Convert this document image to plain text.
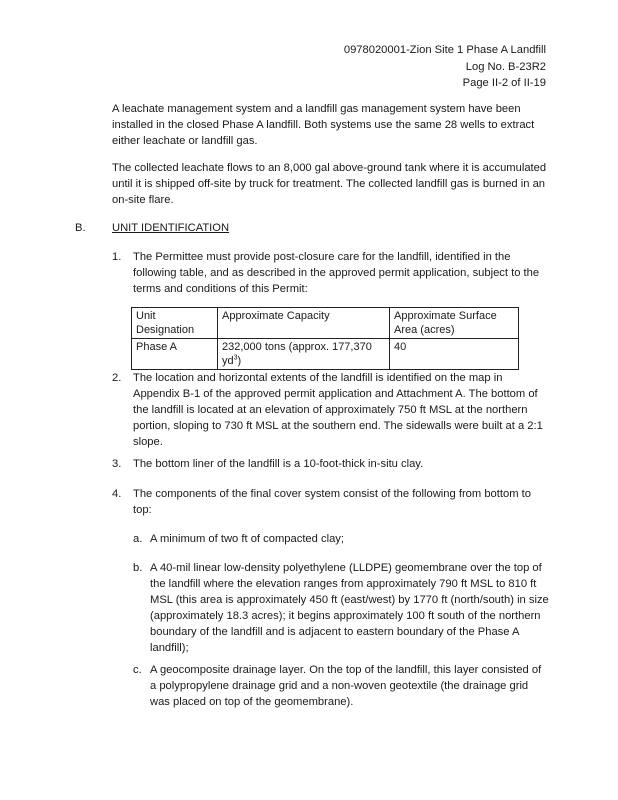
0978020001-Zion Site 1 Phase A Landfill
Log No. B-23R2
Page II-2 of II-19
A leachate management system and a landfill gas management system have been installed in the closed Phase A landfill. Both systems use the same 28 wells to extract either leachate or landfill gas.
The collected leachate flows to an 8,000 gal above-ground tank where it is accumulated until it is shipped off-site by truck for treatment. The collected landfill gas is burned in an on-site flare.
B. UNIT IDENTIFICATION
1. The Permittee must provide post-closure care for the landfill, identified in the following table, and as described in the approved permit application, subject to the terms and conditions of this Permit:
Unit Designation	Approximate Capacity	Approximate Surface Area (acres)
Phase A	232,000 tons (approx. 177,370 $yd^3$)	40
2. The location and horizontal extents of the landfill is identified on the map in Appendix B-1 of the approved permit application and Attachment A. The bottom of the landfill is located at an elevation of approximately 750 ft MSL at the northern portion, sloping to 730 ft MSL at the southern end. The sidewalls were built at a 2:1 slope.
3. The bottom liner of the landfill is a 10-foot-thick in-situ clay.
4. The components of the final cover system consist of the following from bottom to top:
a. A minimum of two ft of compacted clay;
b. A 40-mil linear low-density polyethylene (LLDPE) geomembrane over the top of the landfill where the elevation ranges from approximately 790 ft MSL to 810 ft MSL (this area is approximately 450 ft (east/west) by 1770 ft (north/south) in size (approximately 18.3 acres); it begins approximately 100 ft south of the northern boundary of the landfill and is adjacent to eastern boundary of the Phase A landfill);
c. A geocomposite drainage layer. On the top of the landfill, this layer consisted of a polypropylene drainage grid and a non-woven geotextile (the drainage grid was placed on top of the geomembrane).
